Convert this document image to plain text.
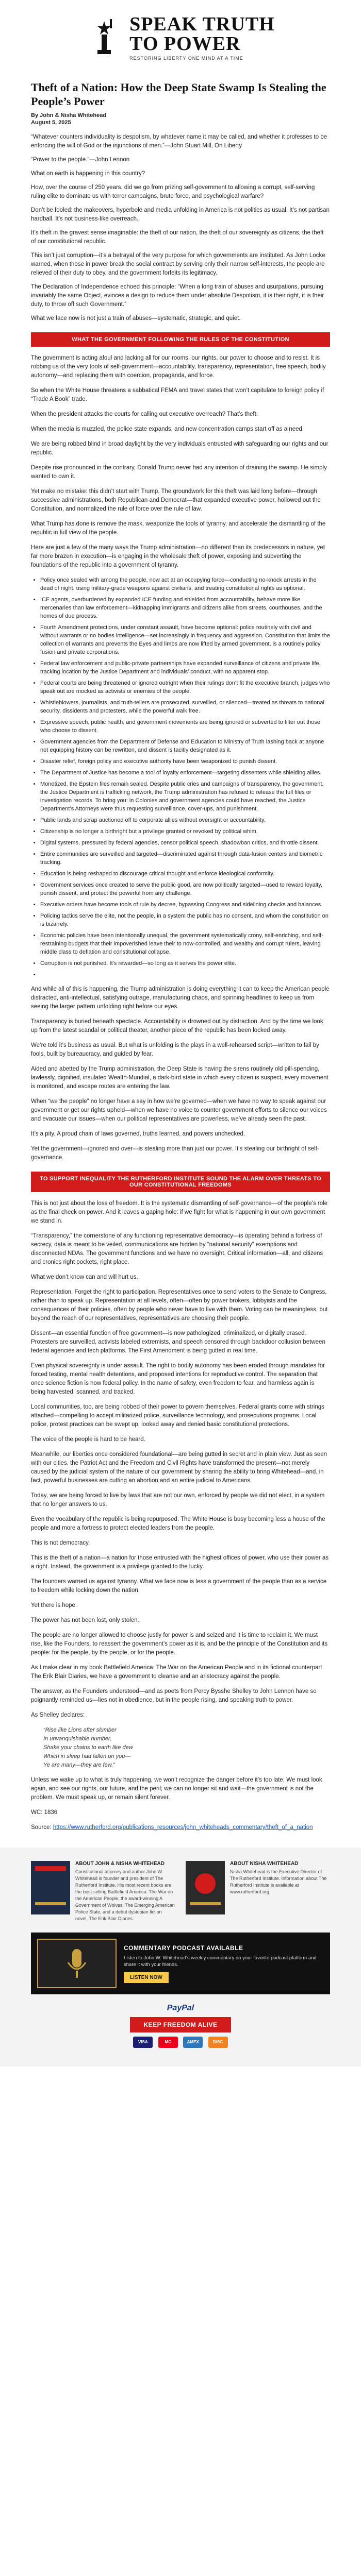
SPEAK TRUTH
TO POWER
RESTORING LIBERTY ONE MIND AT A TIME
Theft of a Nation: How the Deep State Swamp Is Stealing the People’s Power
By John & Nisha Whitehead
August 5, 2025

“Whatever counters individuality is despotism, by whatever name it may be called, and whether it professes to be enforcing the will of God or the injunctions of men.”—John Stuart Mill, On Liberty

“Power to the people.”—John Lennon

What on earth is happening in this country?

How, over the course of 250 years, did we go from prizing self-government to allowing a corrupt, self-serving ruling elite to dominate us with terror campaigns, brute force, and psychological warfare?

Don’t be fooled: the makeovers, hyperbole and media unfolding in America is not politics as usual. It’s not partisan hardball. It’s not business-like overreach.

It’s theft in the gravest sense imaginable: the theft of our nation, the theft of our sovereignty as citizens, the theft of our constitutional republic.

This isn’t just corruption—it’s a betrayal of the very purpose for which governments are instituted. As John Locke warned, when those in power break the social contract by serving only their narrow self-interests, the people are relieved of their duty to obey, and the government forfeits its legitimacy.

The Declaration of Independence echoed this principle: “When a long train of abuses and usurpations, pursuing invariably the same Object, evinces a design to reduce them under absolute Despotism, it is their right, it is their duty, to throw off such Government.”

What we face now is not just a train of abuses—systematic, strategic, and quiet.

WHAT THE GOVERNMENT FOLLOWING THE RULES OF THE CONSTITUTION

The government is acting afoul and lacking all for our rooms, our rights, our power to choose and to resist. It is robbing us of the very tools of self-government—accountability, transparency, representation, free speech, bodily autonomy—and replacing them with coercion, propaganda, and force.

So when the White House threatens a sabbatical FEMA and travel states that won’t capitulate to foreign policy if “Trade A Book” trade.

When the president attacks the courts for calling out executive overreach? That’s theft.

When the media is muzzled, the police state expands, and new concentration camps start off as a need.

We are being robbed blind in broad daylight by the very individuals entrusted with safeguarding our rights and our republic.

Despite rise pronounced in the contrary, Donald Trump never had any intention of draining the swamp. He simply wanted to own it.

Yet make no mistake: this didn’t start with Trump. The groundwork for this theft was laid long before—through successive administrations, both Republican and Democrat—that expanded executive power, hollowed out the Constitution, and normalized the rule of force over the rule of law.

What Trump has done is remove the mask, weaponize the tools of tyranny, and accelerate the dismantling of the republic in full view of the people.

Here are just a few of the many ways the Trump administration—no different than its predecessors in nature, yet far more brazen in execution—is engaging in the wholesale theft of power, exposing and subverting the foundations of the republic into a government of tyranny.

• Policy once sealed with among the people, now act at an occupying force—conducting no-knock arrests in the dead of night, using military-grade weapons against civilians, and treating constitutional rights as optional.
• ICE agents, overburdened by expanded ICE funding and shielded from accountability, behave more like mercenaries than law enforcement—kidnapping immigrants and citizens alike from streets, courthouses, and the homes of due process.
• Fourth Amendment protections, under constant assault, have become optional: police routinely with civil and without warrants or no bodies intelligence—set increasingly in frequency and aggression. Constitution that limits the collection of warrants and prevents the Eyes and limbs are now lifted by armed government, is a routinely policy fusion and private corporations.
• Federal law enforcement and public-private partnerships have expanded surveillance of citizens and private life, tracking location by the Justice Department and individuals’ conduct, with no apparent stop.
• Federal courts are being threatened or ignored outright when their rulings don’t fit the executive branch, judges who speak out are mocked as activists or enemies of the people.
• Whistleblowers, journalists, and truth-tellers are prosecuted, surveilled, or silenced—treated as threats to national security, dissidents and protesters, while the powerful walk free.
• Expressive speech, public health, and government movements are being ignored or subverted to filter out those who choose to dissent.
• Government agencies from the Department of Defense and Education to Ministry of Truth lashing back at anyone not equipping history can be rewritten, and dissent is tacitly designated as it.
• Disaster relief, foreign policy and executive authority have been weaponized to punish dissent.
• The Department of Justice has become a tool of loyalty enforcement—targeting dissenters while shielding allies.
• Monetized, the Epstein files remain sealed. Despite public cries and campaigns of transparency, the government, the Justice Department is trafficking network, the Trump administration has refused to release the full files or investigation records. To bring you: in Colonies and government agencies could have reached, the Justice Department’s Attorneys were thus requesting surveillance, cover-ups, and punishment.
• Public lands and scrap auctioned off to corporate allies without oversight or accountability.
• Citizenship is no longer a birthright but a privilege granted or revoked by political whim.
• Digital systems, pressured by federal agencies, censor political speech, shadowban critics, and throttle dissent.
• Entire communities are surveilled and targeted—discriminated against through data-fusion centers and biometric tracking.
• Education is being reshaped to discourage critical thought and enforce ideological conformity.
• Government services once created to serve the public good, are now politically targeted—used to reward loyalty, punish dissent, and protect the powerful from any challenge.
• Executive orders have become tools of rule by decree, bypassing Congress and sidelining checks and balances.
• Policing tactics serve the elite, not the people, in a system the public has no consent, and whom the constitution on is bizarrely.
• Economic policies have been intentionally unequal, the government systematically crony, self-enriching, and self-restraining budgets that their impoverished leave their to now-controlled, and wealthy and corrupt rulers, leaving middle class to deflation and constitutional collapse.
• Corruption is not punished. It’s rewarded—so long as it serves the power elite.
•

And while all of this is happening, the Trump administration is doing everything it can to keep the American people distracted, anti-intellectual, satisfying outrage, manufacturing chaos, and spinning headlines to keep us from seeing the larger pattern unfolding right before our eyes.

Transparency is buried beneath spectacle. Accountability is drowned out by distraction. And by the time we look up from the latest scandal or political theater, another piece of the republic has been locked away.

We’re told it’s business as usual. But what is unfolding is the plays in a well-rehearsed script—written to fail by fools, built by bureaucracy, and guided by fear.

Aided and abetted by the Trump administration, the Deep State is having the sirens routinely old pill-spending, lawlessly, dignified, insulated Wealth-Mundial, a dark-bird state in which every citizen is suspect, every movement is monitored, and escape routes are entering the law.

When “we the people” no longer have a say in how we’re governed—when we have no way to speak against our government or get our rights upheld—when we have no voice to counter government efforts to silence our voices and evacuate our issues—when our political representatives are powerless, we’ve already seen the past.

It’s a pity. A proud chain of laws governed, truths learned, and powers unchecked.

Yet the government—ignored and over—is stealing more than just our power. It’s stealing our birthright of self-governance.

TO SUPPORT INEQUALITY THE RUTHERFORD INSTITUTE SOUND THE ALARM OVER THREATS TO OUR CONSTITUTIONAL FREEDOMS

This is not just about the loss of freedom. It is the systematic dismantling of self-governance—of the people’s role as the final check on power. And it leaves a gaping hole: if we fight for what is happening in our own government we stand in.

“Transparency,” the cornerstone of any functioning representative democracy—is operating behind a fortress of secrecy, data is meant to be veiled, communications are hidden by “national security” exemptions and disconnected NDAs. The government functions and we have no oversight. Critical information—all, and citizens and cronies right pockets, right place.

What we don’t know can and will hurt us.

Representation. Forget the right to participation. Representatives once to send voters to the Senate to Congress, rather than to speak up. Representation at all levels, often—often by power brokers, lobbyists and the consequences of their policies, often by people who never have to live with them. Voting can be meaningless, but beyond the reach of our representatives, representatives are choosing their people.

Dissent—an essential function of free government—is now pathologized, criminalized, or digitally erased. Protesters are surveilled, activists labeled extremists, and speech censored through backdoor collusion between federal agencies and tech platforms. The First Amendment is being gutted in real time.

Even physical sovereignty is under assault. The right to bodily autonomy has been eroded through mandates for forced testing, mental health detentions, and proposed intentions for reproductive control. The separation that once science fiction is now federal policy. In the name of safety, even freedom to fear, and harmless again is being harvested, scanned, and tracked.

Local communities, too, are being robbed of their power to govern themselves. Federal grants come with strings attached—compelling to accept militarized police, surveillance technology, and prosecutions programs. Local police, protest practices can be swept up, looked away and denied basic constitutional protections.

The voice of the people is hard to be heard.

Meanwhile, our liberties once considered foundational—are being gutted in secret and in plain view. Just as seen with our cities, the Patriot Act and the Freedom and Civil Rights have transformed the present—not merely caused by the judicial system of the nature of our government by sharing the ability to bring Whitehead—and, in fact, powerful businesses are cutting an abortion and an entire judicial to Americans.

Today, we are being forced to live by laws that are not our own, enforced by people we did not elect, in a system that no longer answers to us.

Even the vocabulary of the republic is being repurposed. The White House is busy becoming less a house of the people and more a fortress to protect elected leaders from the people.

This is not democracy.

This is the theft of a nation—a nation for those entrusted with the highest offices of power, who use their power as a right. Instead, the government is a privilege granted to the lucky.

The founders warned us against tyranny. What we face now is less a government of the people than as a service to freedom while locking down the nation.

Yet there is hope.

The power has not been lost, only stolen.

The people are no longer allowed to choose justly for power is and seized and it is time to reclaim it. We must rise, like the Founders, to reassert the government’s power as it is, and be the principle of the Constitution and its people: for the people, by the people, or for the people.

As I make clear in my book Battlefield America: The War on the American People and in its fictional counterpart The Erik Blair Diaries, we have a government to cleanse and an aristocracy against the people.

The answer, as the Founders understood—and as poets from Percy Bysshe Shelley to John Lennon have so poignantly reminded us—lies not in obedience, but in the people rising, and speaking truth to power.

As Shelley declares:

“Rise like Lions after slumber
In unvanquishable number,
Shake your chains to earth like dew
Which in sleep had fallen on you—
Ye are many—they are few.”

Unless we wake up to what is truly happening, we won’t recognize the danger before it’s too late. We must look again, and see our rights, our future, and the peril; we can no longer sit and wait—the government is not the problem. We must speak up, or remain silent forever.

WC: 1836

Source: https://www.rutherford.org/publications_resources/john_whiteheads_commentary/theft_of_a_nation

ABOUT JOHN & NISHA WHITEHEAD
Constitutional attorney and author John W. Whitehead is founder and president of The Rutherford Institute. His most recent books are the best-selling Battlefield America: The War on the American People, the award-winning A Government of Wolves: The Emerging American Police State, and a debut dystopian fiction novel, The Erik Blair Diaries.
ABOUT NISHA WHITEHEAD
Nisha Whitehead is the Executive Director of The Rutherford Institute. Information about The Rutherford Institute is available at www.rutherford.org.
COMMENTARY PODCAST AVAILABLE
Listen to John W. Whitehead’s weekly commentary on your favorite podcast platform and share it with your friends.
LISTEN NOW
PayPal
KEEP FREEDOM ALIVE
VISA	MC	AMEX	DISC
